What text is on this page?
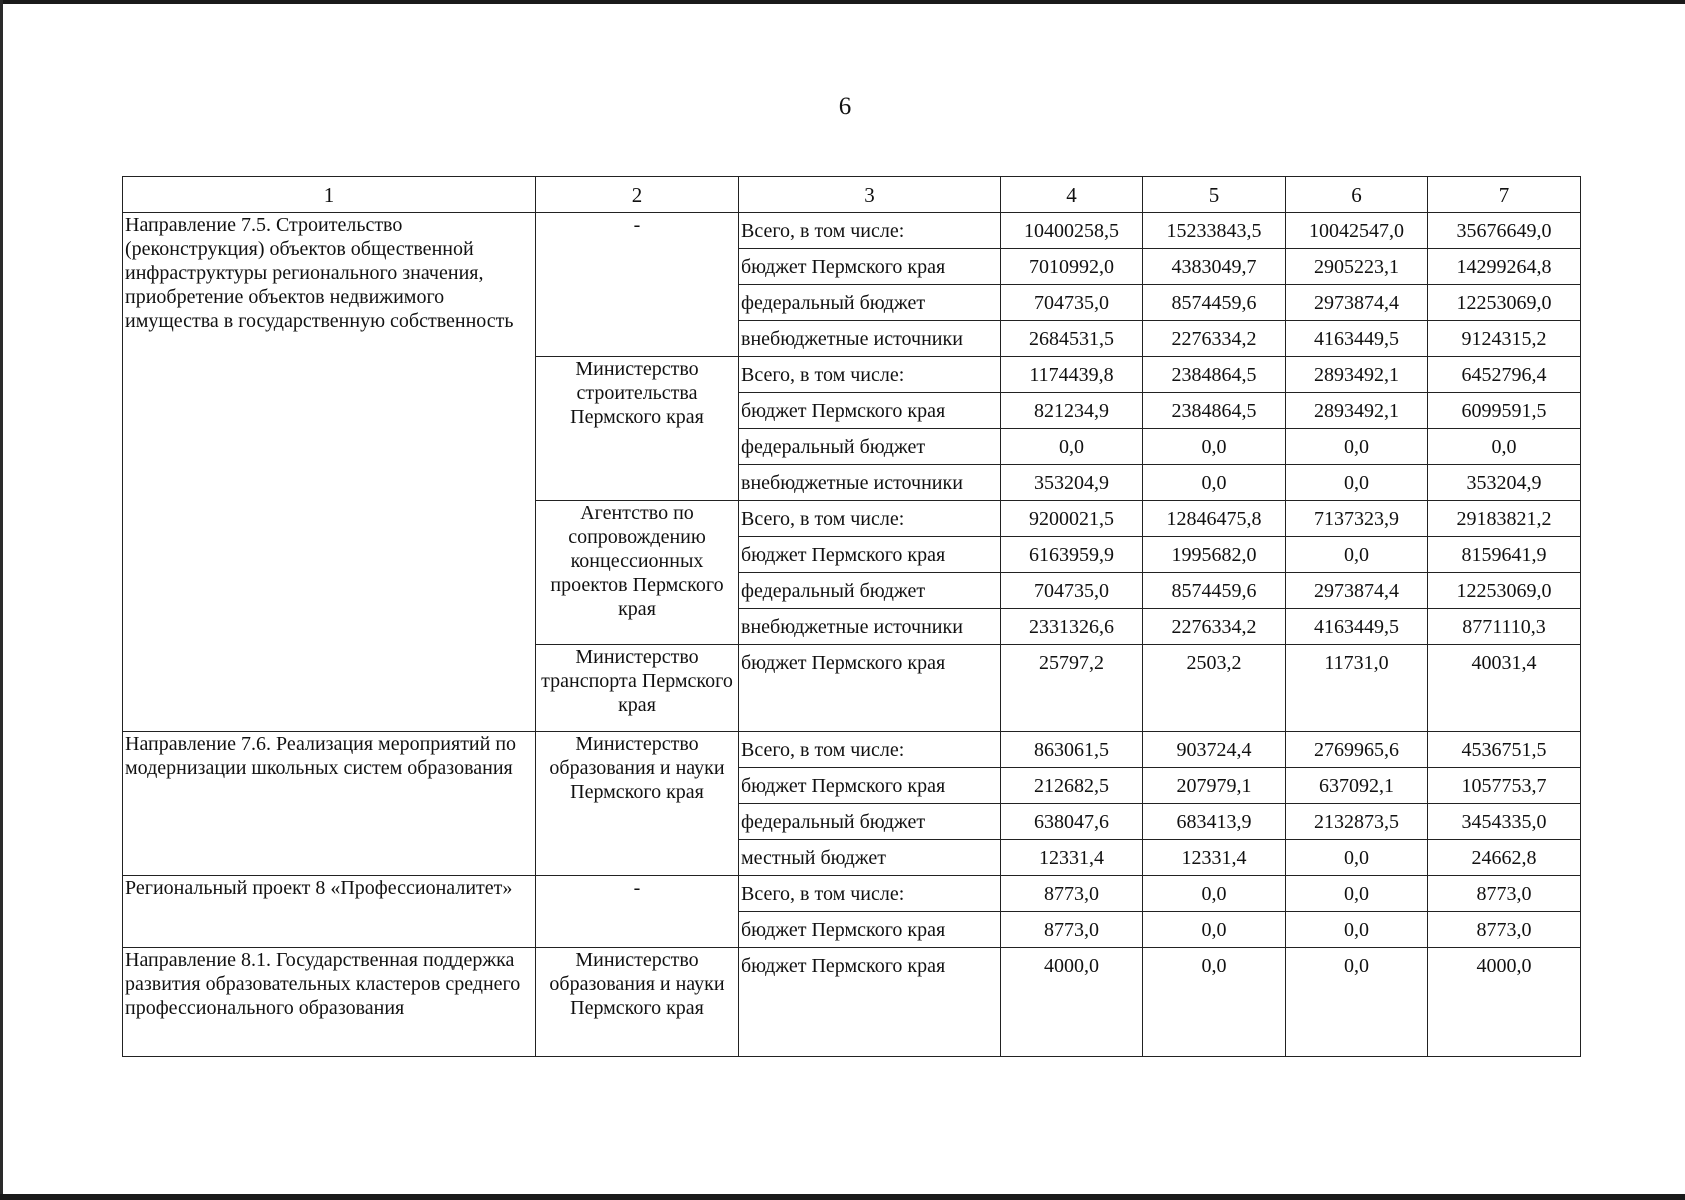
6
1	2	3	4	5	6	7
Направление 7.5. Строительство (реконструкция) объектов общественной инфраструктуры регионального значения, приобретение объектов недвижимого имущества в государственную собственность	-	Всего, в том числе:	10400258,5	15233843,5	10042547,0	35676649,0
		бюджет Пермского края	7010992,0	4383049,7	2905223,1	14299264,8
		федеральный бюджет	704735,0	8574459,6	2973874,4	12253069,0
		внебюджетные источники	2684531,5	2276334,2	4163449,5	9124315,2
	Министерство строительства Пермского края	Всего, в том числе:	1174439,8	2384864,5	2893492,1	6452796,4
		бюджет Пермского края	821234,9	2384864,5	2893492,1	6099591,5
		федеральный бюджет	0,0	0,0	0,0	0,0
		внебюджетные источники	353204,9	0,0	0,0	353204,9
	Агентство по сопровождению концессионных проектов Пермского края	Всего, в том числе:	9200021,5	12846475,8	7137323,9	29183821,2
		бюджет Пермского края	6163959,9	1995682,0	0,0	8159641,9
		федеральный бюджет	704735,0	8574459,6	2973874,4	12253069,0
		внебюджетные источники	2331326,6	2276334,2	4163449,5	8771110,3
	Министерство транспорта Пермского края	бюджет Пермского края	25797,2	2503,2	11731,0	40031,4
Направление 7.6. Реализация мероприятий по модернизации школьных систем образования	Министерство образования и науки Пермского края	Всего, в том числе:	863061,5	903724,4	2769965,6	4536751,5
		бюджет Пермского края	212682,5	207979,1	637092,1	1057753,7
		федеральный бюджет	638047,6	683413,9	2132873,5	3454335,0
		местный бюджет	12331,4	12331,4	0,0	24662,8
Региональный проект 8 «Профессионалитет»	-	Всего, в том числе:	8773,0	0,0	0,0	8773,0
		бюджет Пермского края	8773,0	0,0	0,0	8773,0
Направление 8.1. Государственная поддержка развития образовательных кластеров среднего профессионального образования	Министерство образования и науки Пермского края	бюджет Пермского края	4000,0	0,0	0,0	4000,0
